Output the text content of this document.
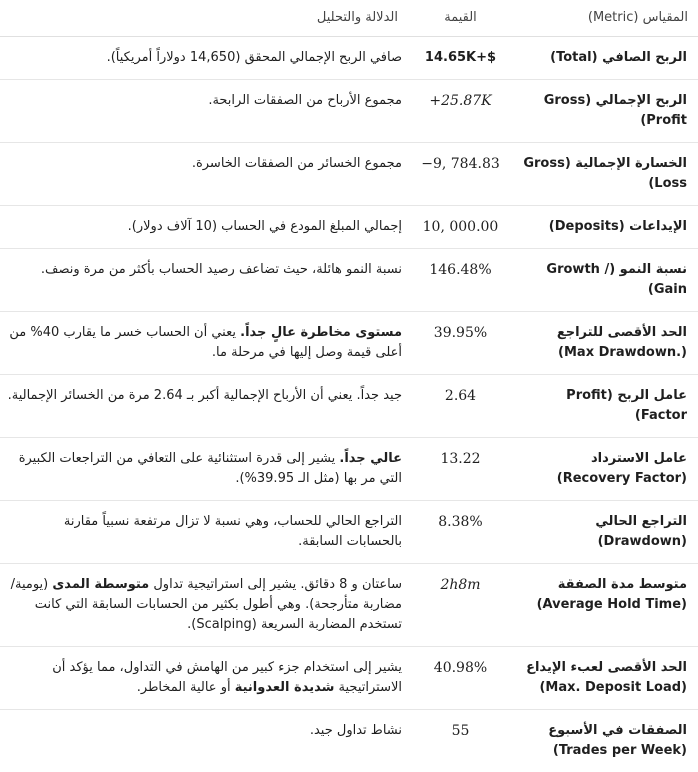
المقياس (Metric)	القيمة	الدلالة والتحليل
الربح الصافي (Total)	14.65K+$	صافي الربح الإجمالي المحقق (14,650 دولاراً أمريكياً).
الربح الإجمالي (Gross Profit)	+25.87K	مجموع الأرباح من الصفقات الرابحة.
الخسارة الإجمالية (Gross Loss)	−9, 784.83	مجموع الخسائر من الصفقات الخاسرة.
الإيداعات (Deposits)	10, 000.00	إجمالي المبلغ المودع في الحساب (10 آلاف دولار).
نسبة النمو (/ Growth Gain)	146.48%	نسبة النمو هائلة، حيث تضاعف رصيد الحساب بأكثر من مرة ونصف.
الحد الأقصى للتراجع (.Max Drawdown)	39.95%	مستوى مخاطرة عالٍ جداً. يعني أن الحساب خسر ما يقارب 40% من أعلى قيمة وصل إليها في مرحلة ما.
عامل الربح (Profit Factor)	2.64	جيد جداً. يعني أن الأرباح الإجمالية أكبر بـ 2.64 مرة من الخسائر الإجمالية.
عامل الاسترداد (Recovery Factor)	13.22	عالي جداً. يشير إلى قدرة استثنائية على التعافي من التراجعات الكبيرة التي مر بها (مثل الـ 39.95%).
التراجع الحالي (Drawdown)	8.38%	التراجع الحالي للحساب، وهي نسبة لا تزال مرتفعة نسبياً مقارنة بالحسابات السابقة.
متوسط مدة الصفقة (Average Hold Time)	2h8m	ساعتان و 8 دقائق. يشير إلى استراتيجية تداول متوسطة المدى (يومية/ مضاربة متأرجحة). وهي أطول بكثير من الحسابات السابقة التي كانت تستخدم المضاربة السريعة (Scalping).
الحد الأقصى لعبء الإيداع (Max. Deposit Load)	40.98%	يشير إلى استخدام جزء كبير من الهامش في التداول، مما يؤكد أن الاستراتيجية شديدة العدوانية أو عالية المخاطر.
الصفقات في الأسبوع (Trades per Week)	55	نشاط تداول جيد.
